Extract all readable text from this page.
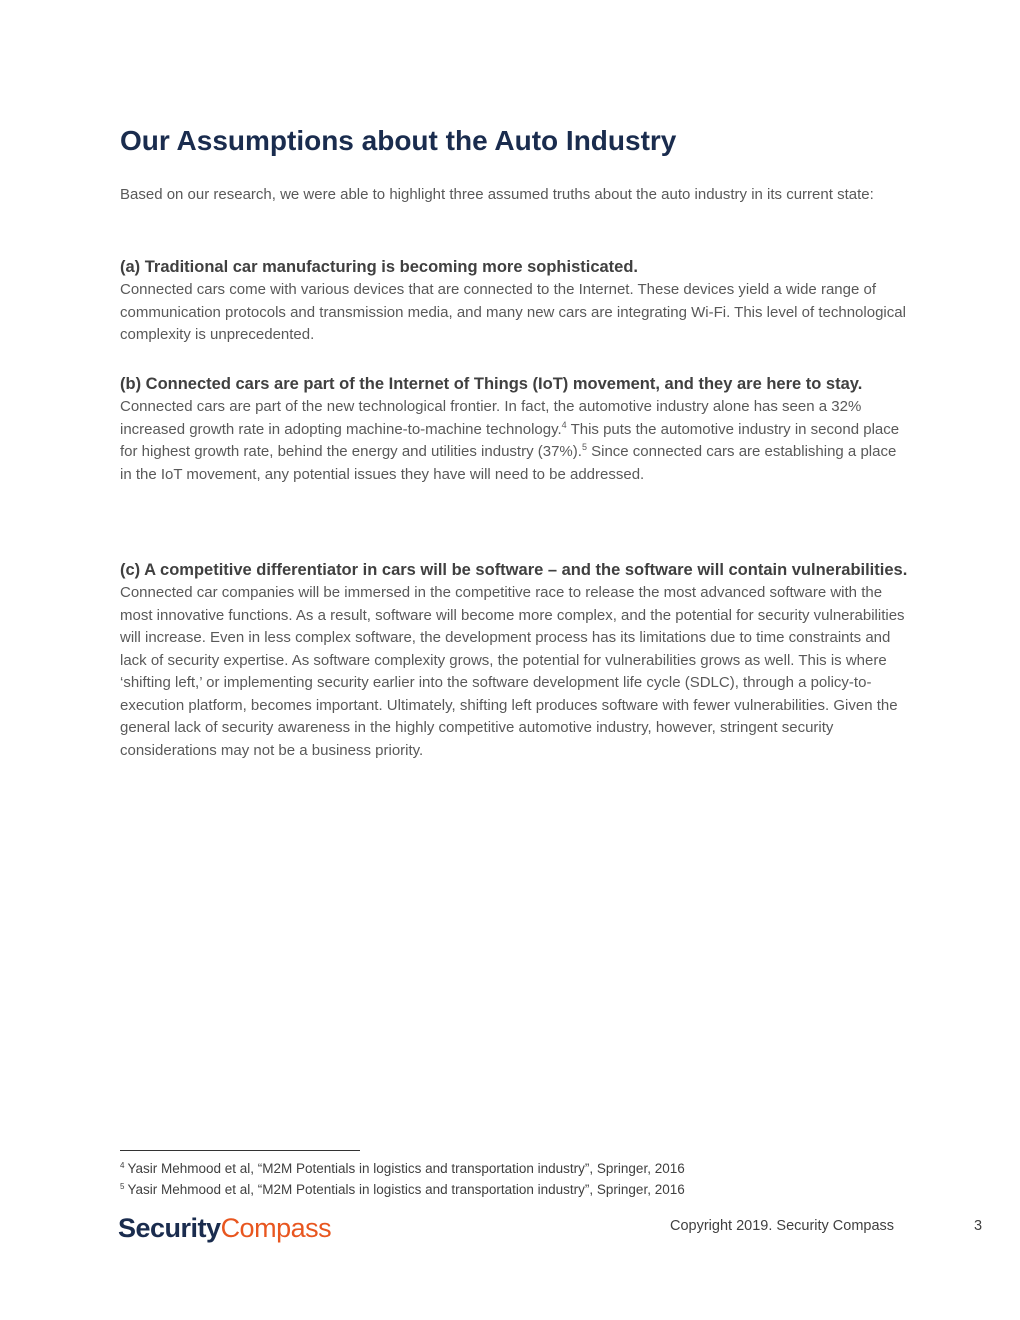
Our Assumptions about the Auto Industry

Based on our research, we were able to highlight three assumed truths about the auto industry in its current state:

(a) Traditional car manufacturing is becoming more sophisticated.

Connected cars come with various devices that are connected to the Internet. These devices yield a wide range of communication protocols and transmission media, and many new cars are integrating Wi-Fi. This level of technological complexity is unprecedented.

(b) Connected cars are part of the Internet of Things (IoT) movement, and they are here to stay.

Connected cars are part of the new technological frontier. In fact, the automotive industry alone has seen a 32% increased growth rate in adopting machine-to-machine technology.$^4$ This puts the automotive industry in second place for highest growth rate, behind the energy and utilities industry (37%).$^5$ Since connected cars are establishing a place in the IoT movement, any potential issues they have will need to be addressed.

(c) A competitive differentiator in cars will be software – and the software will contain vulnerabilities.

Connected car companies will be immersed in the competitive race to release the most advanced software with the most innovative functions. As a result, software will become more complex, and the potential for security vulnerabilities will increase. Even in less complex software, the development process has its limitations due to time constraints and lack of security expertise. As software complexity grows, the potential for vulnerabilities grows as well. This is where ‘shifting left,’ or implementing security earlier into the software development life cycle (SDLC), through a policy-to-execution platform, becomes important. Ultimately, shifting left produces software with fewer vulnerabilities. Given the general lack of security awareness in the highly competitive automotive industry, however, stringent security considerations may not be a business priority.

$^4$ Yasir Mehmood et al, “M2M Potentials in logistics and transportation industry”, Springer, 2016
$^5$ Yasir Mehmood et al, “M2M Potentials in logistics and transportation industry”, Springer, 2016
SecurityCompass	Copyright 2019. Security Compass	3
